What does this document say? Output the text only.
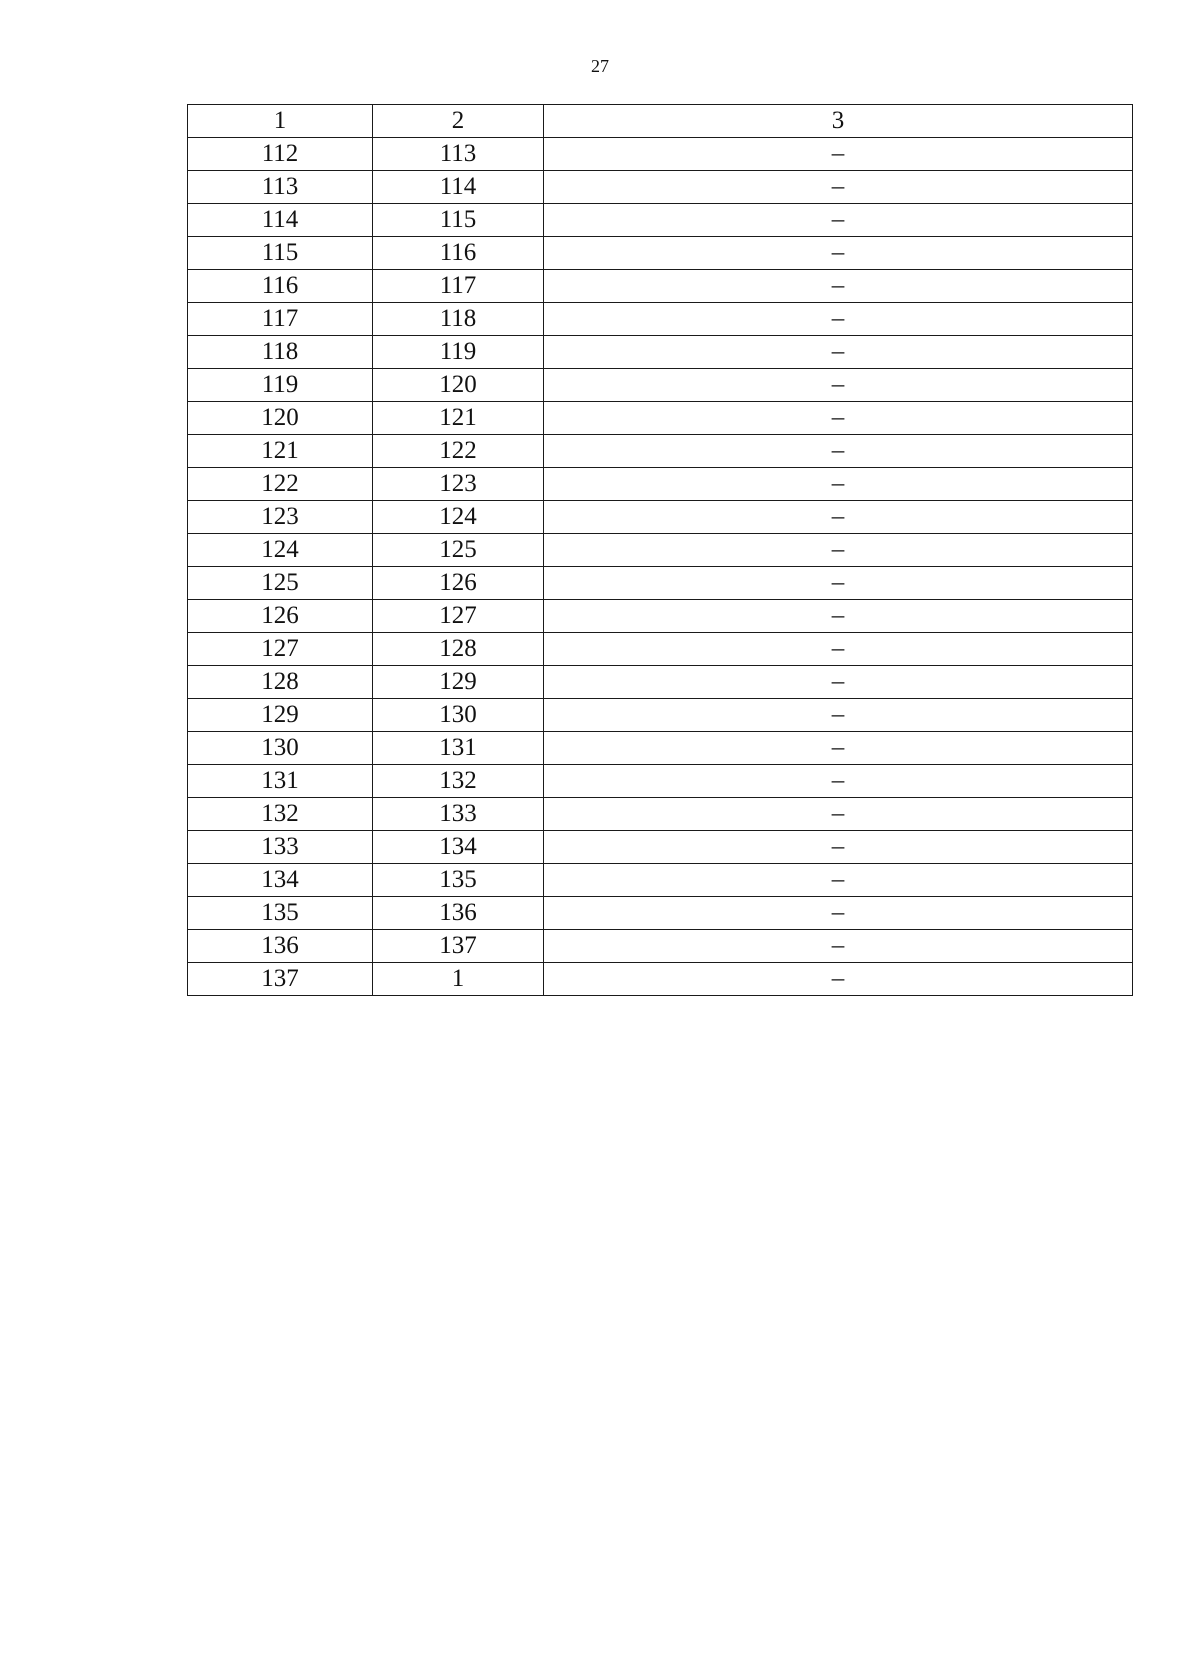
27
1	2	3
112	113	–
113	114	–
114	115	–
115	116	–
116	117	–
117	118	–
118	119	–
119	120	–
120	121	–
121	122	–
122	123	–
123	124	–
124	125	–
125	126	–
126	127	–
127	128	–
128	129	–
129	130	–
130	131	–
131	132	–
132	133	–
133	134	–
134	135	–
135	136	–
136	137	–
137	1	–
